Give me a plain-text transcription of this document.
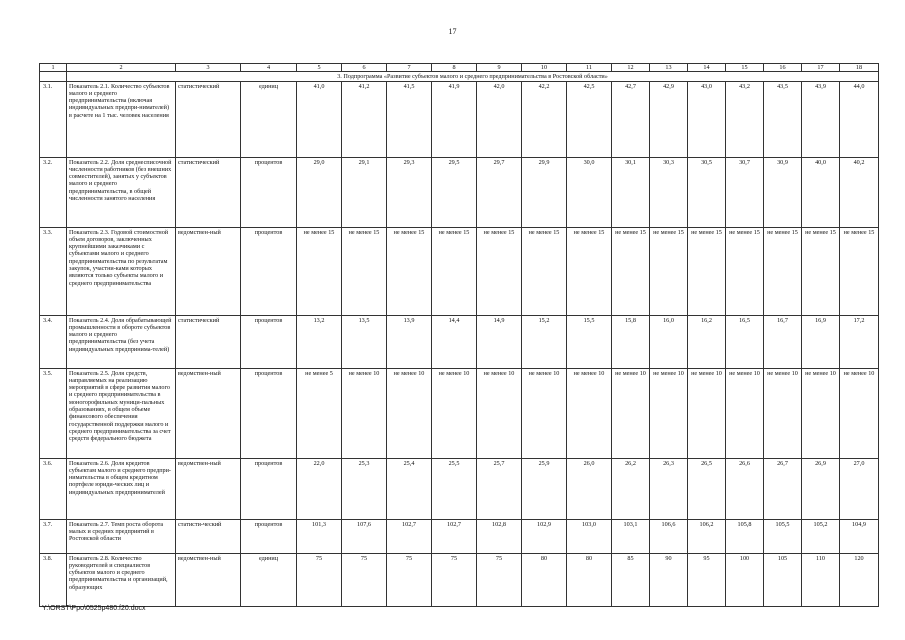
17
1	2	3	4	5	6	7	8	9	10	11	12	13	14	15	16	17	18
	3. Подпрограмма «Развитие субъектов малого и среднего предпринимательства в Ростовской области»																
3.1.	Показатель 2.1. Количество субъектов малого и среднего предпринимательства (включая индивидуальных предпри-нимателей) в расчете на 1 тыс. человек населения	статистический	единиц	41,0	41,2	41,5	41,9	42,0	42,2	42,5	42,7	42,9	43,0	43,2	43,5	43,9	44,0
3.2.	Показатель 2.2. Доля среднесписочной численности работников (без внешних совместителей), занятых у субъектов малого и среднего предпринимательства, в общей численности занятого населения	статистический	процентов	29,0	29,1	29,3	29,5	29,7	29,9	30,0	30,1	30,3	30,5	30,7	30,9	40,0	40,2
3.3.	Показатель 2.3. Годовой стоимостной объем договоров, заключенных крупнейшими заказчиками с субъектами малого и среднего предпринимательства по результатам закупок, участни-ками которых являются только субъекты малого и среднего предпринимательства	ведомствен-ный	процентов	не менее 15	не менее 15	не менее 15	не менее 15	не менее 15	не менее 15	не менее 15	не менее 15	не менее 15	не менее 15	не менее 15	не менее 15	не менее 15	не менее 15
3.4.	Показатель 2.4. Доля обрабатывающей промышленности в обороте субъектов малого и среднего предпринимательства (без учета индивидуальных предпринима-телей)	статистический	процентов	13,2	13,5	13,9	14,4	14,9	15,2	15,5	15,8	16,0	16,2	16,5	16,7	16,9	17,2
3.5.	Показатель 2.5. Доля средств, направляемых на реализацию мероприятий в сфере развития малого и среднего предпринимательства в моногорофильных муници-пальных образованиях, в общем объеме финансового обеспечения государственной поддержки малого и среднего предпринимательства за счет средств федерального бюджета	ведомствен-ный	процентов	не менее 5	не менее 10	не менее 10	не менее 10	не менее 10	не менее 10	не менее 10	не менее 10	не менее 10	не менее 10	не менее 10	не менее 10	не менее 10	не менее 10
3.6.	Показатель 2.6. Доля кредитов субъектам малого и среднего предпри-нимательства в общем кредитном портфеле юриди-ческих лиц и индивидуальных предпринимателей	ведомствен-ный	процентов	22,0	25,3	25,4	25,5	25,7	25,9	26,0	26,2	26,3	26,5	26,6	26,7	26,9	27,0
3.7.	Показатель 2.7. Темп роста оборота малых и средних предприятий в Ростовской области	статисти-ческий	процентов	101,3	107,6	102,7	102,7	102,8	102,9	103,0	103,1	106,6	106,2	105,8	105,5	105,2	104,9
3.8.	Показатель 2.8. Количество руководителей и специалистов субъектов малого и среднего предпринимательства и организаций, образующих	ведомствен-ный	единиц	75	75	75	75	75	80	80	85	90	95	100	105	110	120
Y:\ORST\Ppo\0525p480.f20.docx
